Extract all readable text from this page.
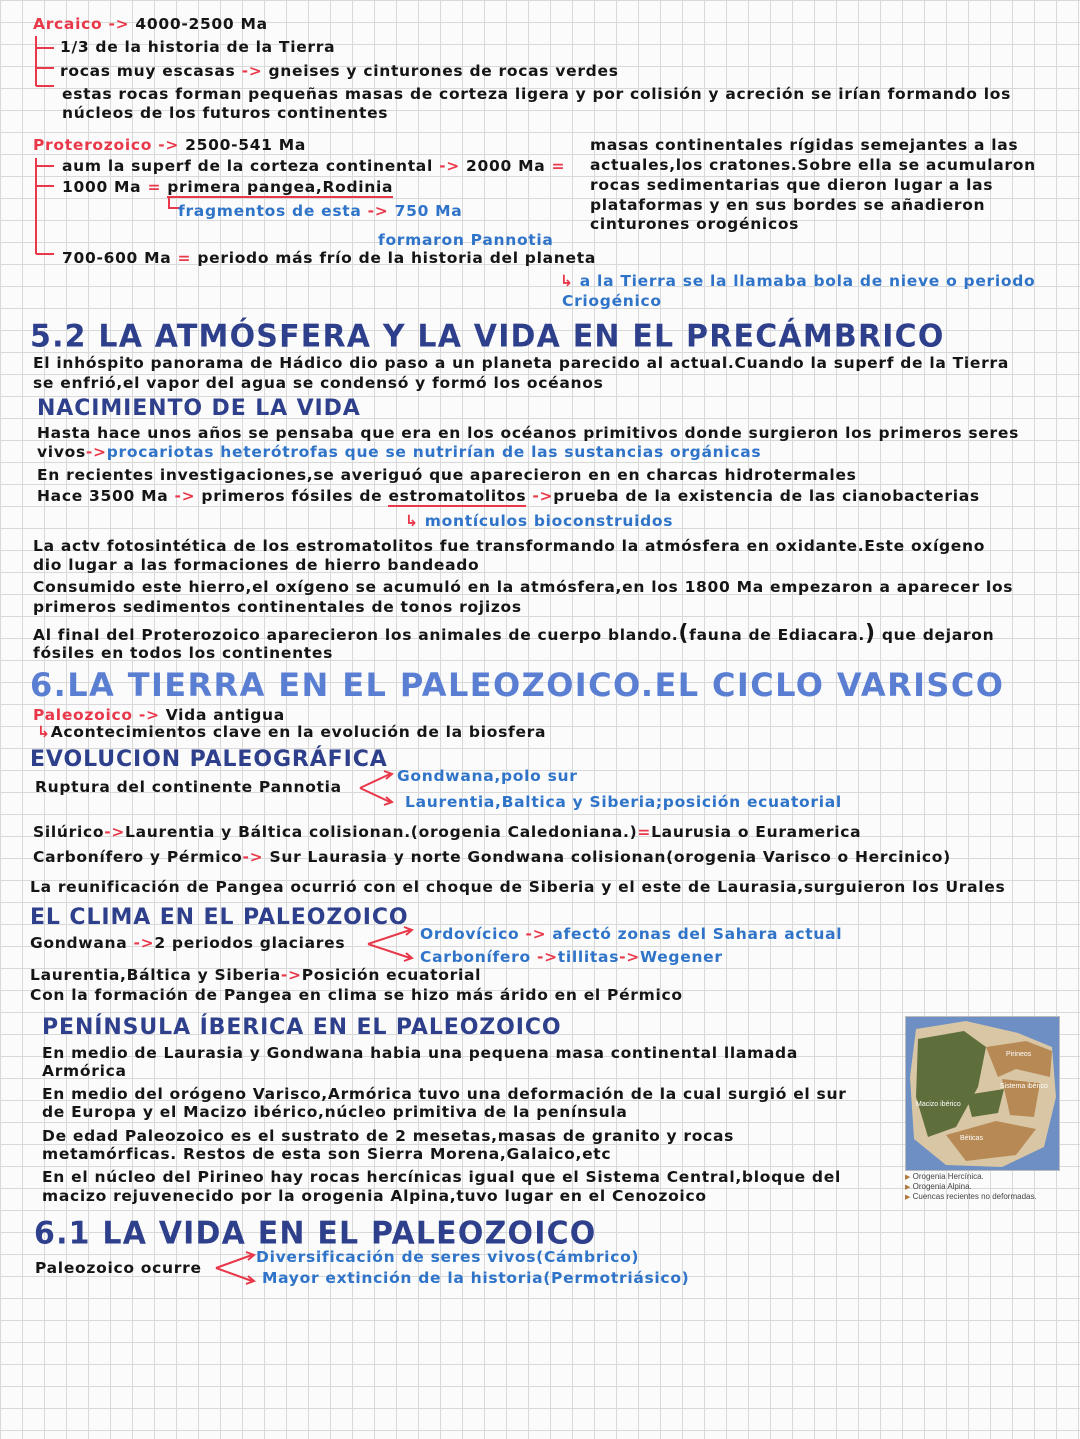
Arcaico -> 4000-2500 Ma
1/3 de la historia de la Tierra
rocas muy escasas -> gneises y cinturones de rocas verdes
estas rocas forman pequeñas masas de corteza ligera y por colisión y acreción se irían formando los
núcleos de los futuros continentes
Proterozoico -> 2500-541 Ma
aum la superf de la corteza continental -> 2000 Ma =
1000 Ma = primera pangea,Rodinia
fragmentos de esta -> 750 Ma
formaron Pannotia
700-600 Ma = periodo más frío de la historia del planeta
↳ a la Tierra se la llamaba bola de nieve o periodo
Criogénico
masas continentales rígidas semejantes a las
actuales,los cratones.Sobre ella se acumularon
rocas sedimentarias que dieron lugar a las
plataformas y en sus bordes se añadieron
cinturones orogénicos
5.2 LA ATMÓSFERA Y LA VIDA EN EL PRECÁMBRICO
El inhóspito panorama de Hádico dio paso a un planeta parecido al actual.Cuando la superf de la Tierra
se enfrió,el vapor del agua se condensó y formó los océanos
NACIMIENTO DE LA VIDA
Hasta hace unos años se pensaba que era en los océanos primitivos donde surgieron los primeros seres
vivos->procariotas heterótrofas que se nutrirían de las sustancias orgánicas
En recientes investigaciones,se averiguó que aparecieron en en charcas hidrotermales
Hace 3500 Ma -> primeros fósiles de estromatolitos ->prueba de la existencia de las cianobacterias
↳ montículos bioconstruidos
La actv fotosintética de los estromatolitos fue transformando la atmósfera en oxidante.Este oxígeno
dio lugar a las formaciones de hierro bandeado
Consumido este hierro,el oxígeno se acumuló en la atmósfera,en los 1800 Ma empezaron a aparecer los
primeros sedimentos continentales de tonos rojizos
Al final del Proterozoico aparecieron los animales de cuerpo blando.(fauna de Ediacara.) que dejaron
fósiles en todos los continentes
6.LA TIERRA EN EL PALEOZOICO.EL CICLO VARISCO
Paleozoico -> Vida antigua
↳Acontecimientos clave en la evolución de la biosfera
EVOLUCION PALEOGRÁFICA
Ruptura del continente Pannotia
Gondwana,polo sur
Laurentia,Baltica y Siberia;posición ecuatorial
Silúrico->Laurentia y Báltica colisionan.(orogenia Caledoniana.)=Laurusia o Euramerica
Carbonífero y Pérmico-> Sur Laurasia y norte Gondwana colisionan(orogenia Varisco o Hercinico)
La reunificación de Pangea ocurrió con el choque de Siberia y el este de Laurasia,surguieron los Urales
EL CLIMA EN EL PALEOZOICO
Gondwana ->2 periodos glaciares	Ordovícico -> afectó zonas del Sahara actual
Carbonífero ->tillitas->Wegener
Laurentia,Báltica y Siberia->Posición ecuatorial
Con la formación de Pangea en clima se hizo más árido en el Pérmico
PENÍNSULA ÍBERICA EN EL PALEOZOICO
En medio de Laurasia y Gondwana habia una pequena masa continental llamada
Armórica
En medio del orógeno Varisco,Armórica tuvo una deformación de la cual surgió el sur
de Europa y el Macizo ibérico,núcleo primitiva de la península
De edad Paleozoico es el sustrato de 2 mesetas,masas de granito y rocas
metamórficas. Restos de esta son Sierra Morena,Galaico,etc
En el núcleo del Pirineo hay rocas hercínicas igual que el Sistema Central,bloque del
macizo rejuvenecido por la orogenia Alpina,tuvo lugar en el Cenozoico
Pirineos
Sistema ibérico
Macizo ibérico
Béticas
▶ Orogenia Hercínica.
▶ Orogenia Alpina.
▶ Cuencas recientes no deformadas.
6.1 LA VIDA EN EL PALEOZOICO
Paleozoico ocurre
Diversificación de seres vivos(Cámbrico)
Mayor extinción de la historia(Permotriásico)
